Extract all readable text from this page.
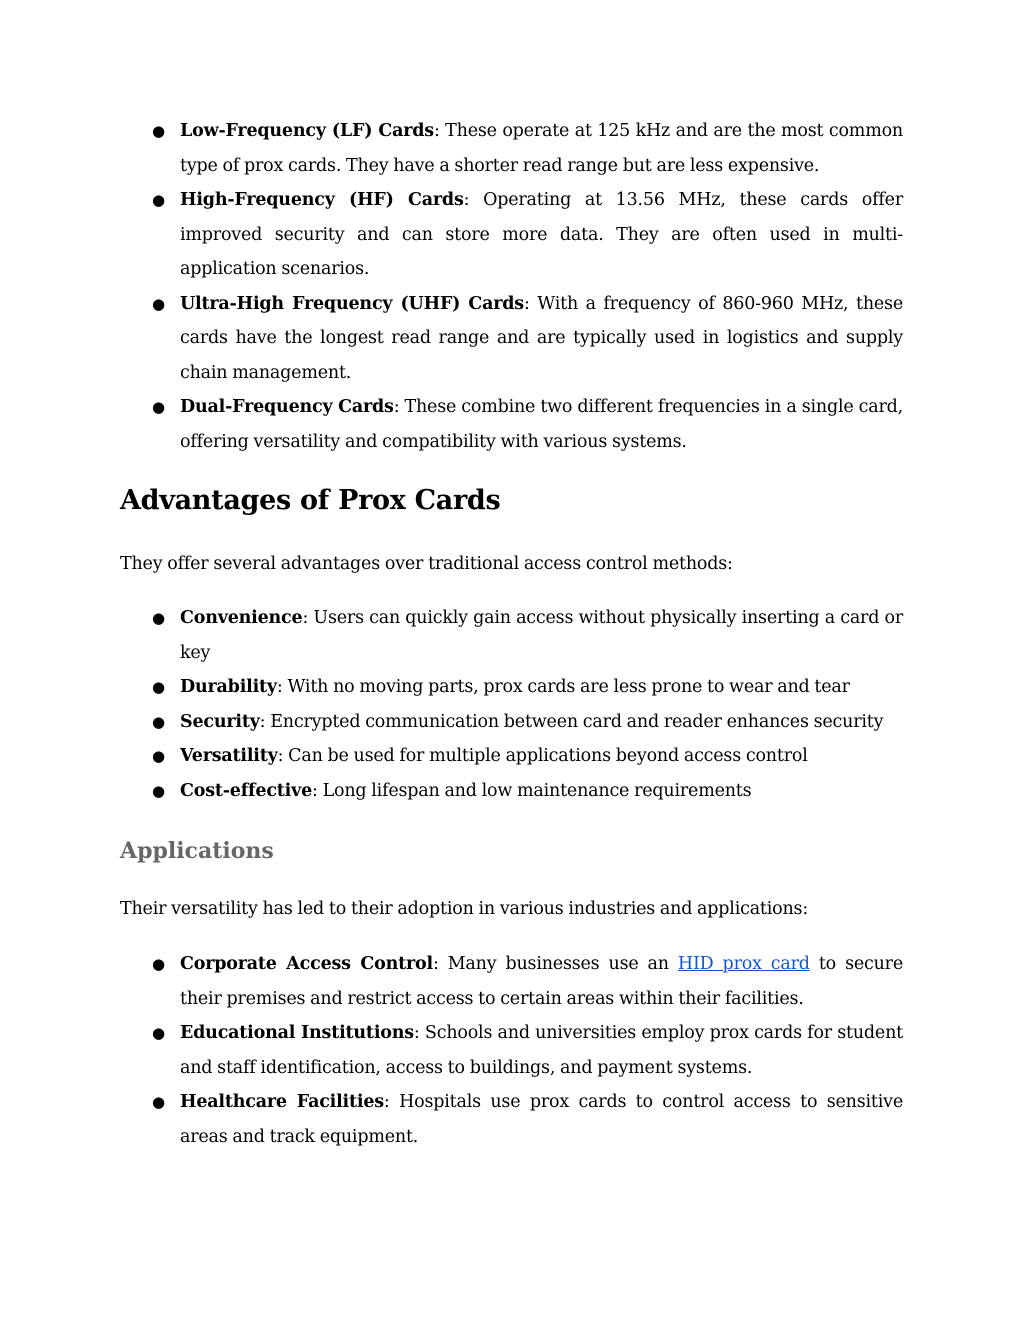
● Low-Frequency (LF) Cards: These operate at 125 kHz and are the most common type of prox cards. They have a shorter read range but are less expensive.
● High-Frequency (HF) Cards: Operating at 13.56 MHz, these cards offer improved security and can store more data. They are often used in multi-application scenarios.
● Ultra-High Frequency (UHF) Cards: With a frequency of 860-960 MHz, these cards have the longest read range and are typically used in logistics and supply chain management.
● Dual-Frequency Cards: These combine two different frequencies in a single card, offering versatility and compatibility with various systems.
Advantages of Prox Cards

They offer several advantages over traditional access control methods:

● Convenience: Users can quickly gain access without physically inserting a card or key
● Durability: With no moving parts, prox cards are less prone to wear and tear
● Security: Encrypted communication between card and reader enhances security
● Versatility: Can be used for multiple applications beyond access control
● Cost-effective: Long lifespan and low maintenance requirements
Applications

Their versatility has led to their adoption in various industries and applications:

● Corporate Access Control: Many businesses use an HID prox card to secure their premises and restrict access to certain areas within their facilities.
● Educational Institutions: Schools and universities employ prox cards for student and staff identification, access to buildings, and payment systems.
● Healthcare Facilities: Hospitals use prox cards to control access to sensitive areas and track equipment.
